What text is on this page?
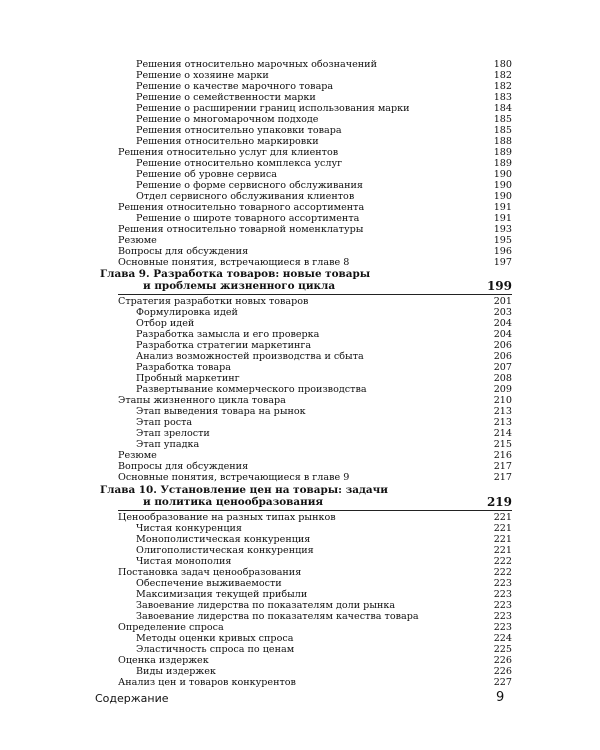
Решения относительно марочных обозначений	180
Решение о хозяине марки	182
Решение о качестве марочного товара	182
Решение о семейственности марки	183
Решение о расширении границ использования марки	184
Решение о многомарочном подходе	185
Решения относительно упаковки товара	185
Решения относительно маркировки	188
Решения относительно услуг для клиентов	189
Решение относительно комплекса услуг	189
Решение об уровне сервиса	190
Решение о форме сервисного обслуживания	190
Отдел сервисного обслуживания клиентов	190
Решения относительно товарного ассортимента	191
Решение о широте товарного ассортимента	191
Решения относительно товарной номенклатуры	193
Резюме	195
Вопросы для обсуждения	196
Основные понятия, встречающиеся в главе 8	197
Глава 9. Разработка товаров: новые товары
и проблемы жизненного цикла	199
Стратегия разработки новых товаров	201
Формулировка идей	203
Отбор идей	204
Разработка замысла и его проверка	204
Разработка стратегии маркетинга	206
Анализ возможностей производства и сбыта	206
Разработка товара	207
Пробный маркетинг	208
Развертывание коммерческого производства	209
Этапы жизненного цикла товара	210
Этап выведения товара на рынок	213
Этап роста	213
Этап зрелости	214
Этап упадка	215
Резюме	216
Вопросы для обсуждения	217
Основные понятия, встречающиеся в главе 9	217
Глава 10. Установление цен на товары: задачи
и политика ценообразования	219
Ценообразование на разных типах рынков	221
Чистая конкуренция	221
Монополистическая конкуренция	221
Олигополистическая конкуренция	221
Чистая монополия	222
Постановка задач ценообразования	222
Обеспечение выживаемости	223
Максимизация текущей прибыли	223
Завоевание лидерства по показателям доли рынка	223
Завоевание лидерства по показателям качества товара	223
Определение спроса	223
Методы оценки кривых спроса	224
Эластичность спроса по ценам	225
Оценка издержек	226
Виды издержек	226
Анализ цен и товаров конкурентов	227
Содержание	9
